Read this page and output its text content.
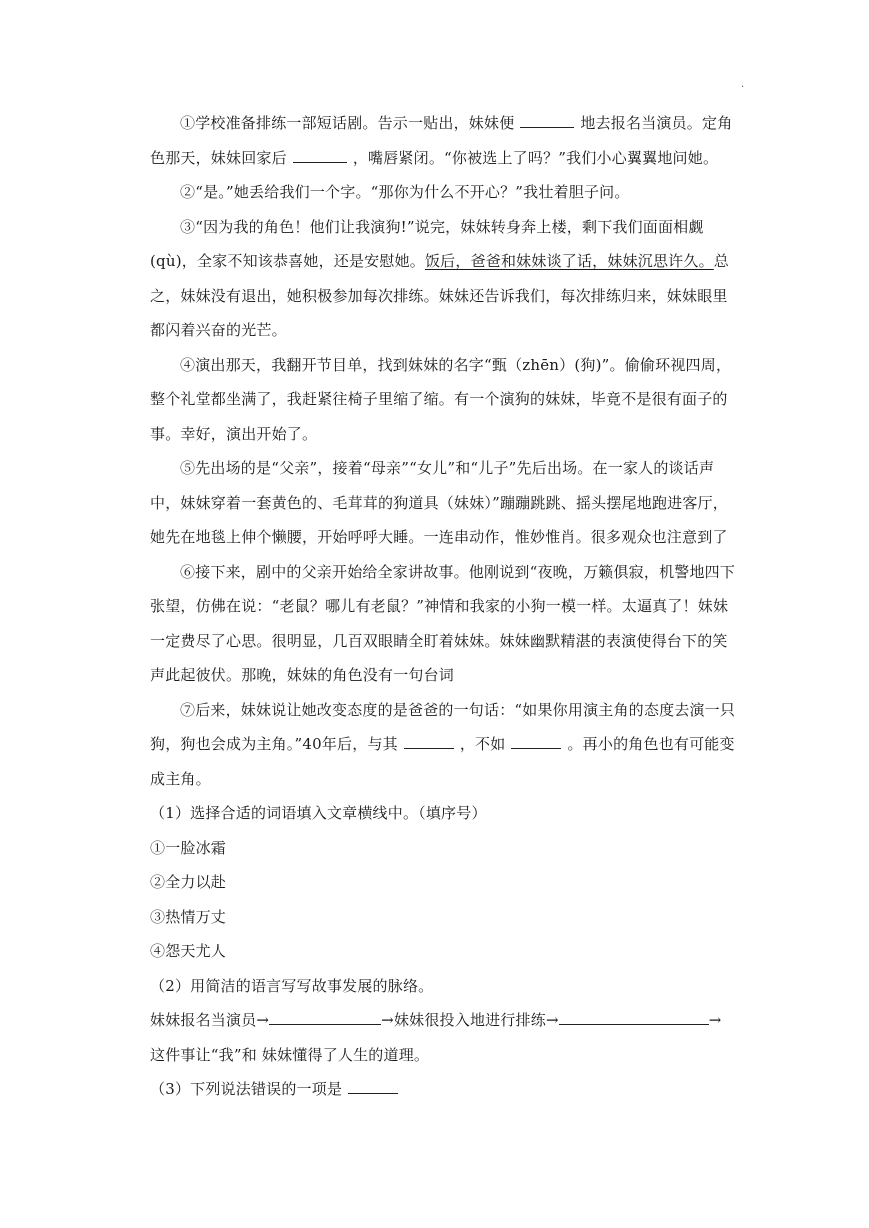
·

①学校准备排练一部短话剧。告示一贴出，妹妹便	地去报名当演员。定角色那天，妹妹回家后	，嘴唇紧闭。“你被选上了吗？”我们小心翼翼地问她。

②“是。”她丢给我们一个字。“那你为什么不开心？”我壮着胆子问。

③“因为我的角色！他们让我演狗!”说完，妹妹转身奔上楼，剩下我们面面相觑(qù)，全家不知该恭喜她，还是安慰她。饭后，爸爸和妹妹谈了话，妹妹沉思许久。总之，妹妹没有退出，她积极参加每次排练。妹妹还告诉我们，每次排练归来，妹妹眼里都闪着兴奋的光芒。

④演出那天，我翻开节目单，找到妹妹的名字“甄（zhēn）(狗)”。偷偷环视四周，整个礼堂都坐满了，我赶紧往椅子里缩了缩。有一个演狗的妹妹，毕竟不是很有面子的事。幸好，演出开始了。

⑤先出场的是“父亲”，接着“母亲”“女儿”和“儿子”先后出场。在一家人的谈话声中，妹妹穿着一套黄色的、毛茸茸的狗道具（妹妹）”蹦蹦跳跳、摇头摆尾地跑进客厅，她先在地毯上伸个懒腰，开始呼呼大睡。一连串动作，惟妙惟肖。很多观众也注意到了

⑥接下来，剧中的父亲开始给全家讲故事。他刚说到“夜晚，万籁俱寂，机警地四下张望，仿佛在说：“老鼠？哪儿有老鼠？”神情和我家的小狗一模一样。太逼真了！妹妹一定费尽了心思。很明显，几百双眼睛全盯着妹妹。妹妹幽默精湛的表演使得台下的笑声此起彼伏。那晚，妹妹的角色没有一句台词

⑦后来，妹妹说让她改变态度的是爸爸的一句话：“如果你用演主角的态度去演一只狗，狗也会成为主角。”40年后，与其	，不如	。再小的角色也有可能变成主角。

（1）选择合适的词语填入文章横线中。（填序号）

①一脸冰霜

②全力以赴

③热情万丈

④怨天尤人

（2）用简洁的语言写写故事发展的脉络。

妹妹报名当演员→	→妹妹很投入地进行排练→	→

这件事让“我”和 妹妹懂得了人生的道理。

（3）下列说法错误的一项是
